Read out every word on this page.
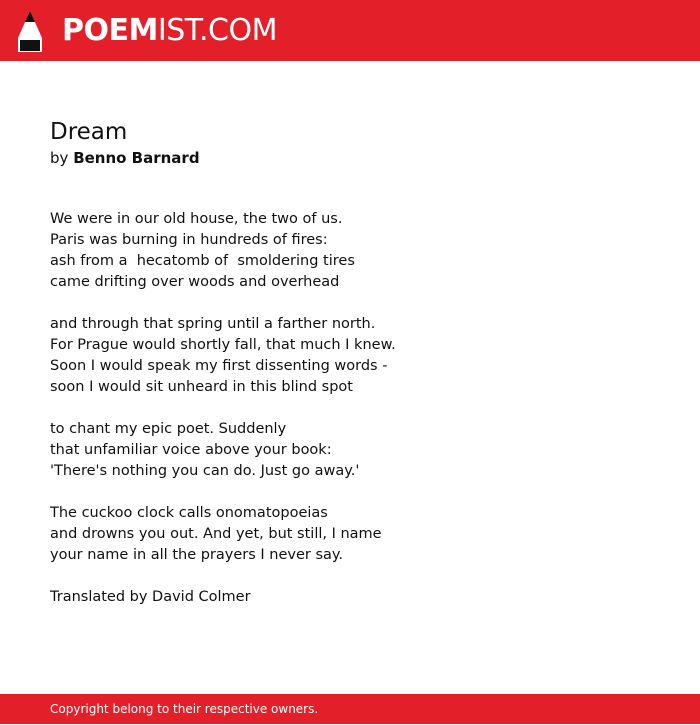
POEMIST.COM
Dream
by Benno Barnard
We were in our old house, the two of us.
Paris was burning in hundreds of fires:
ash from a  hecatomb of  smoldering tires
came drifting over woods and overhead
and through that spring until a farther north.
For Prague would shortly fall, that much I knew.
Soon I would speak my first dissenting words -
soon I would sit unheard in this blind spot
to chant my epic poet. Suddenly
that unfamiliar voice above your book:
'There's nothing you can do. Just go away.'
The cuckoo clock calls onomatopoeias
and drowns you out. And yet, but still, I name
your name in all the prayers I never say.
Translated by David Colmer
Copyright belong to their respective owners.
